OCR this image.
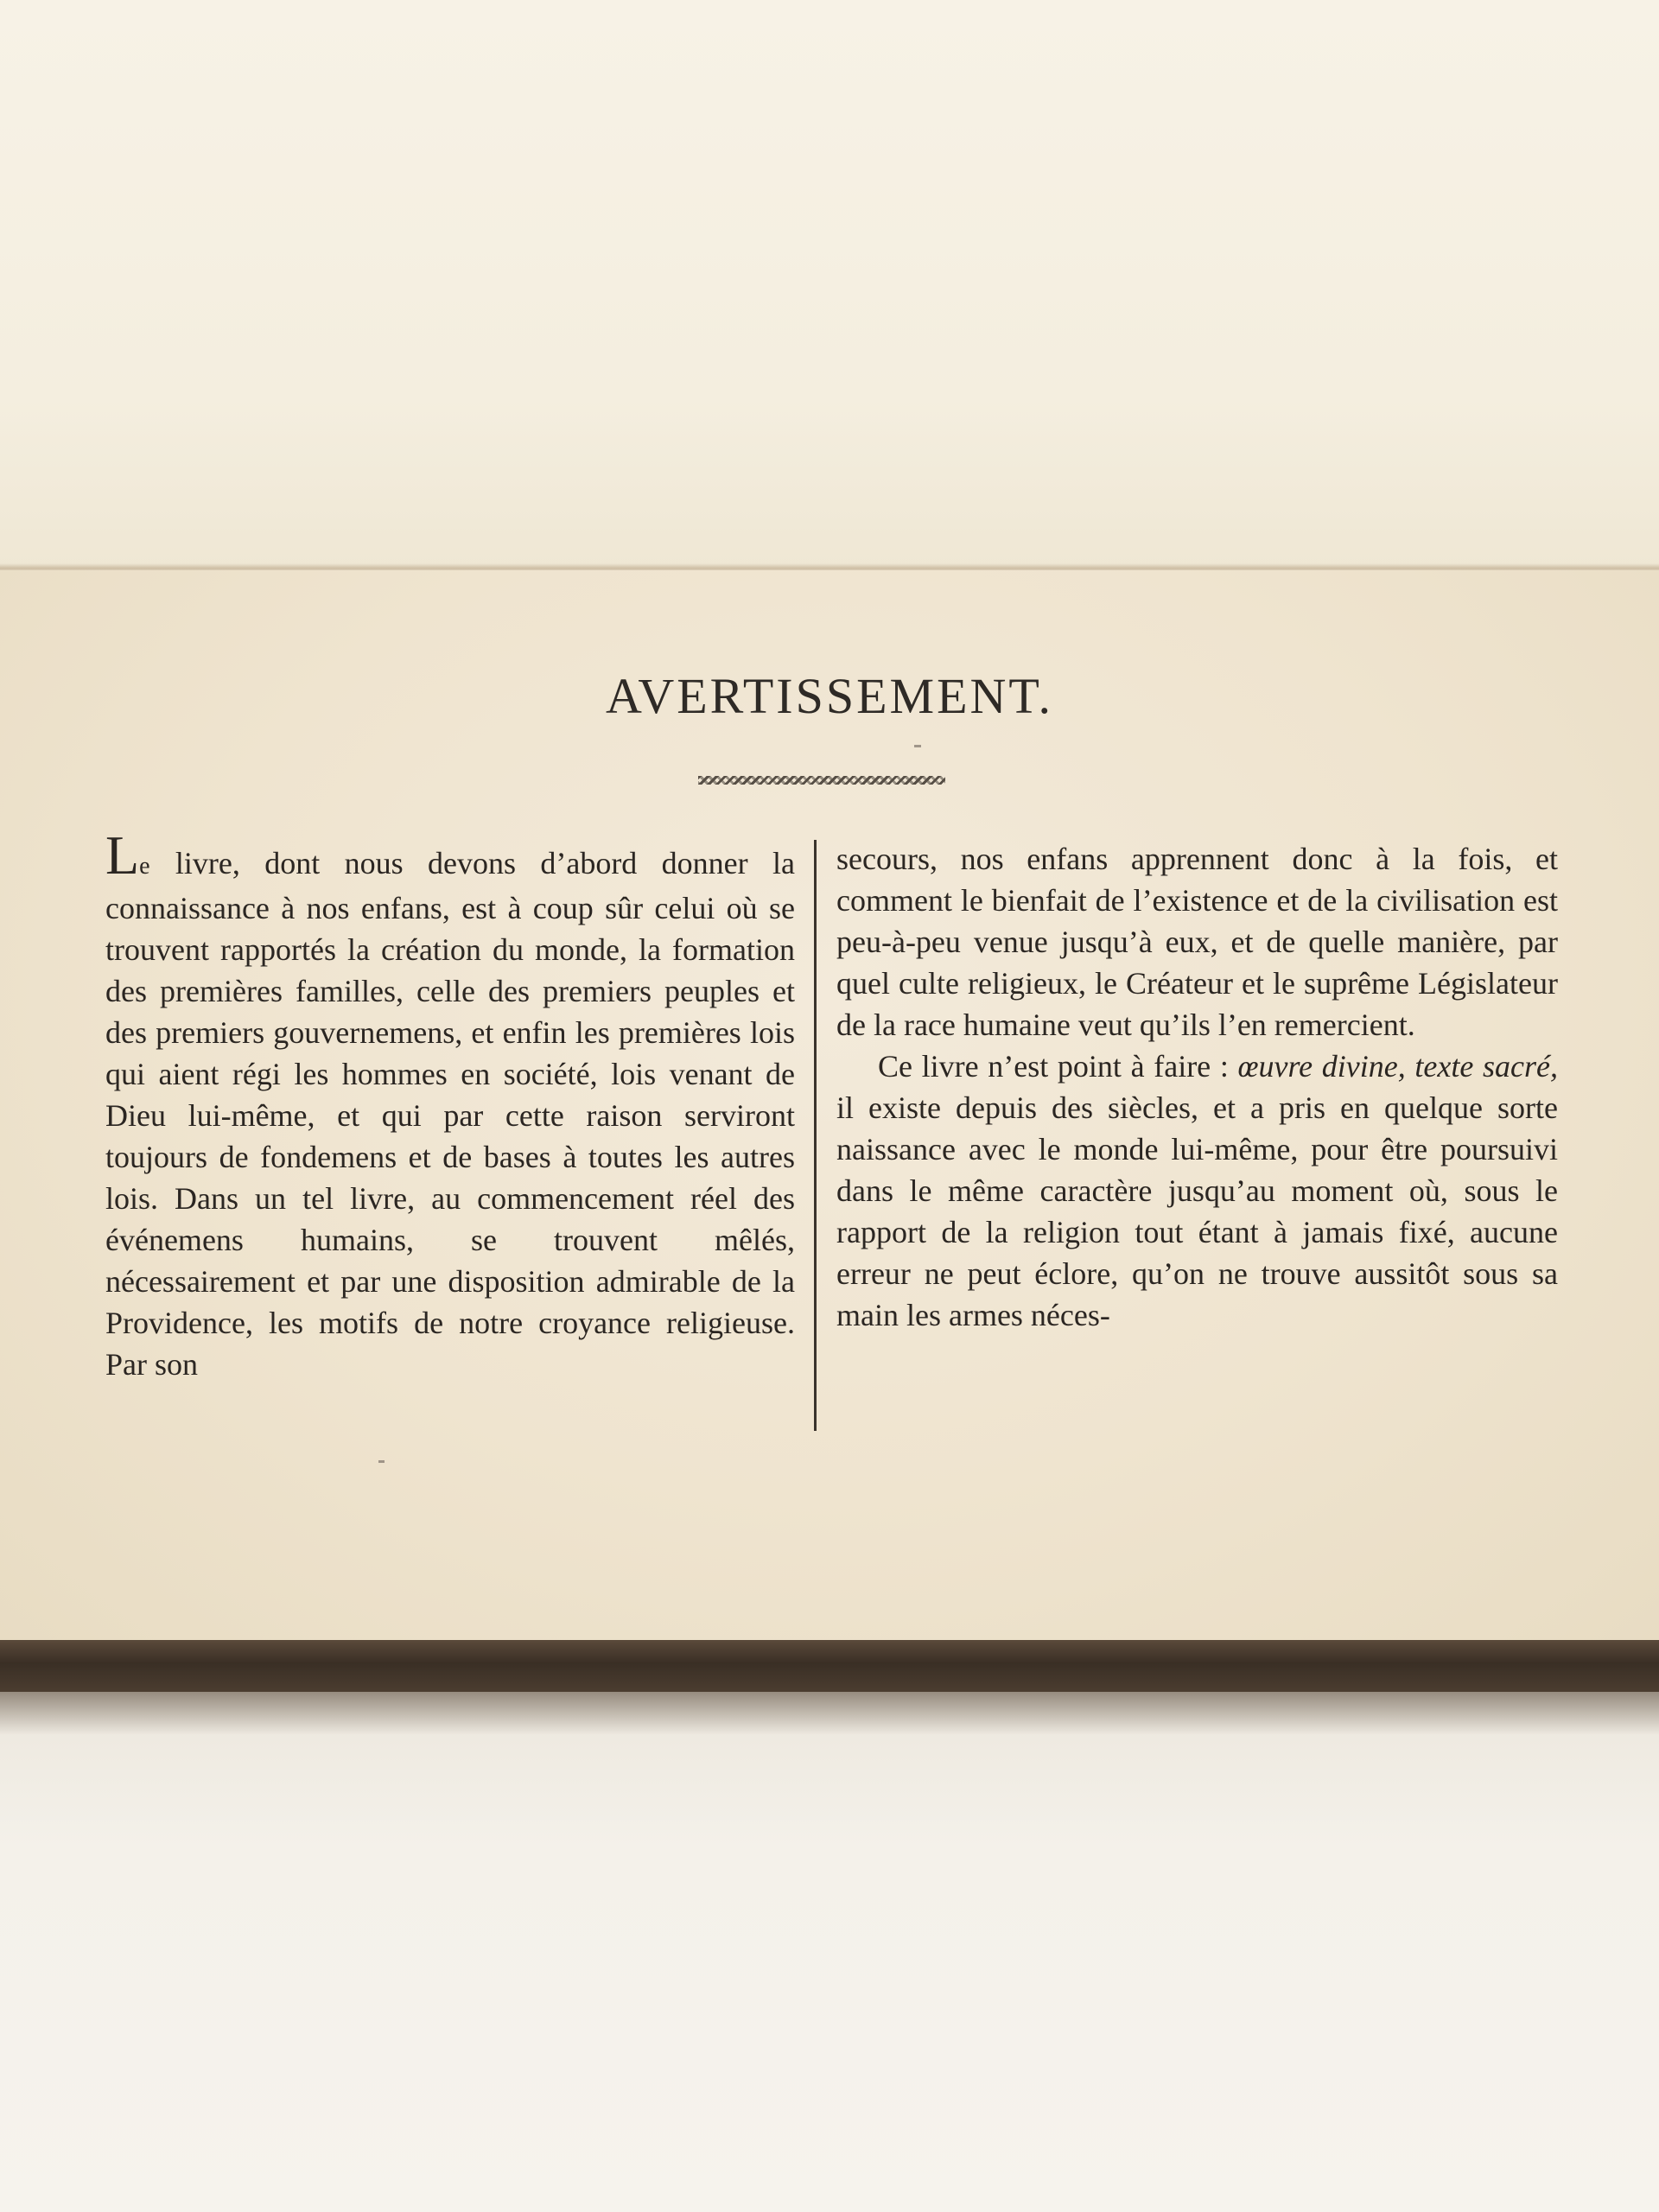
AVERTISSEMENT.

Le livre, dont nous devons d’abord donner la connaissance à nos enfans, est à coup sûr celui où se trouvent rapportés la création du monde, la formation des premières familles, celle des premiers peuples et des premiers gouvernemens, et enfin les premières lois qui aient régi les hommes en société, lois venant de Dieu lui-même, et qui par cette raison serviront toujours de fondemens et de bases à toutes les autres lois. Dans un tel livre, au commencement réel des événemens humains, se trouvent mêlés, nécessairement et par une disposition admirable de la Providence, les motifs de notre croyance religieuse. Par son

secours, nos enfans apprennent donc à la fois, et comment le bienfait de l’existence et de la civilisation est peu-à-peu venue jusqu’à eux, et de quelle manière, par quel culte religieux, le Créateur et le suprême Législateur de la race humaine veut qu’ils l’en remercient.

Ce livre n’est point à faire : œuvre divine, texte sacré, il existe depuis des siècles, et a pris en quelque sorte naissance avec le monde lui-même, pour être poursuivi dans le même caractère jusqu’au moment où, sous le rapport de la religion tout étant à jamais fixé, aucune erreur ne peut éclore, qu’on ne trouve aussitôt sous sa main les armes néces-
